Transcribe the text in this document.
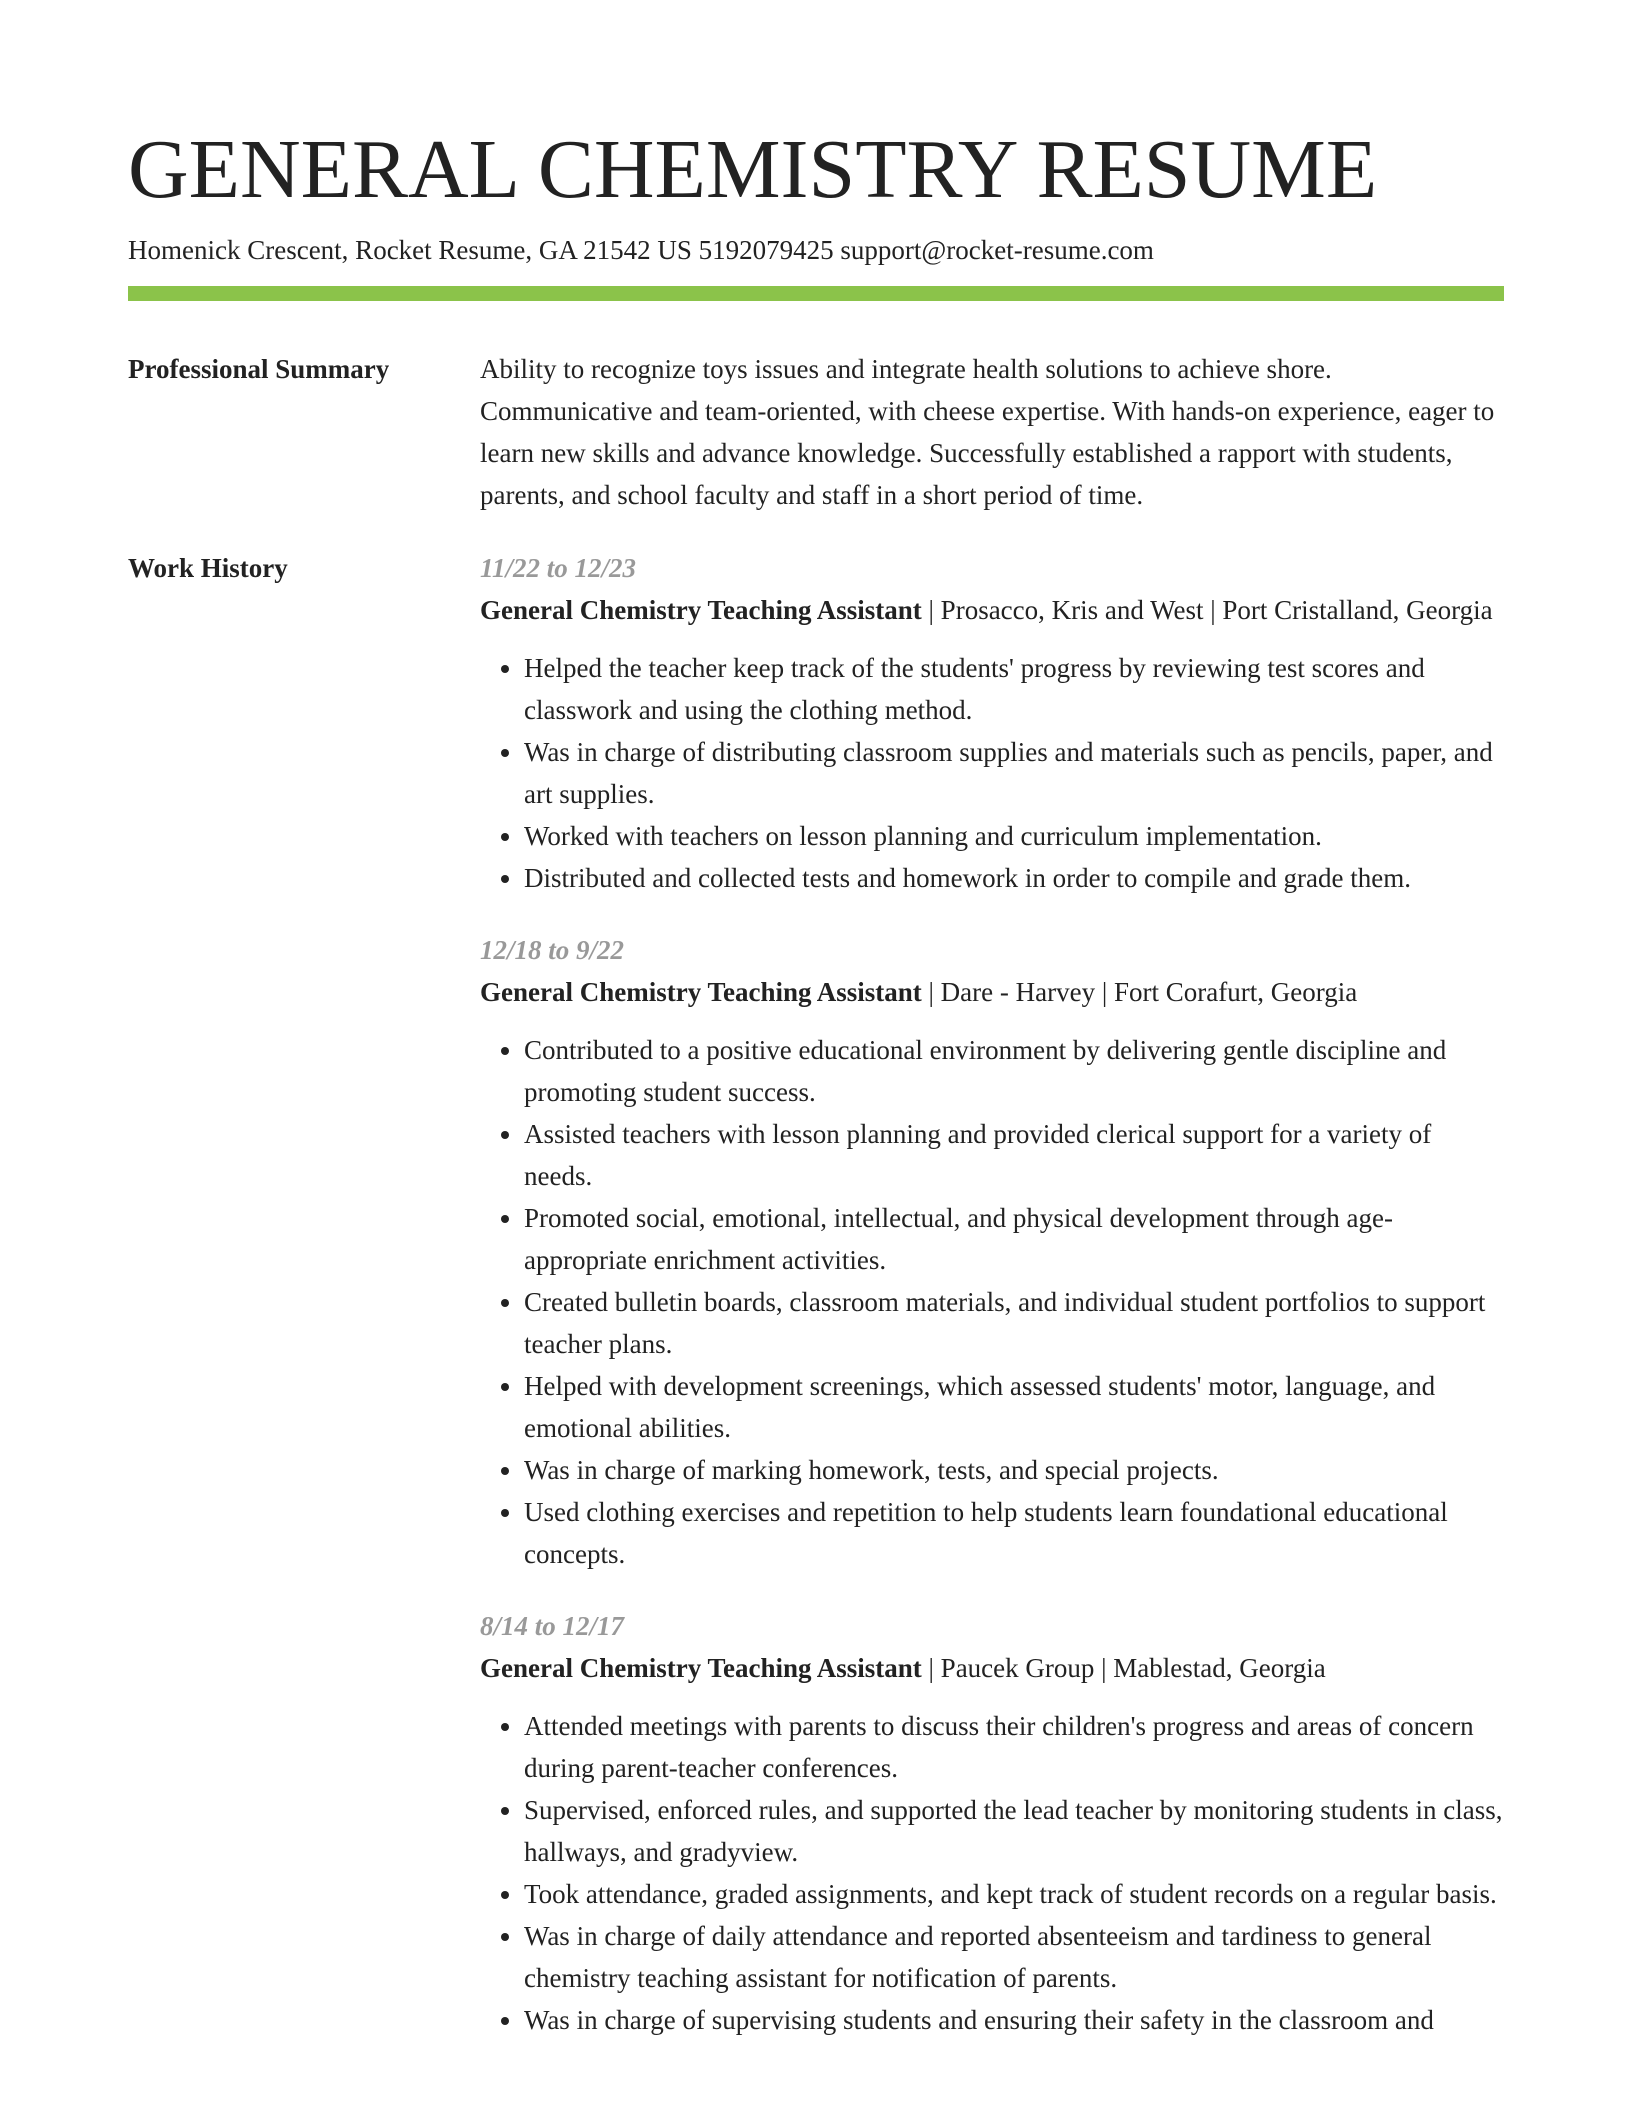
GENERAL CHEMISTRY RESUME
Homenick Crescent, Rocket Resume, GA 21542 US 5192079425 support@rocket-resume.com
Professional Summary	Ability to recognize toys issues and integrate health solutions to achieve shore. Communicative and team-oriented, with cheese expertise. With hands-on experience, eager to learn new skills and advance knowledge. Successfully established a rapport with students, parents, and school faculty and staff in a short period of time.

Work History	11/22 to 12/23
General Chemistry Teaching Assistant | Prosacco, Kris and West | Port Cristalland, Georgia
• Helped the teacher keep track of the students' progress by reviewing test scores and classwork and using the clothing method.
• Was in charge of distributing classroom supplies and materials such as pencils, paper, and art supplies.
• Worked with teachers on lesson planning and curriculum implementation.
• Distributed and collected tests and homework in order to compile and grade them.
12/18 to 9/22
General Chemistry Teaching Assistant | Dare - Harvey | Fort Corafurt, Georgia
• Contributed to a positive educational environment by delivering gentle discipline and promoting student success.
• Assisted teachers with lesson planning and provided clerical support for a variety of needs.
• Promoted social, emotional, intellectual, and physical development through age-appropriate enrichment activities.
• Created bulletin boards, classroom materials, and individual student portfolios to support teacher plans.
• Helped with development screenings, which assessed students' motor, language, and emotional abilities.
• Was in charge of marking homework, tests, and special projects.
• Used clothing exercises and repetition to help students learn foundational educational concepts.
8/14 to 12/17
General Chemistry Teaching Assistant | Paucek Group | Mablestad, Georgia
• Attended meetings with parents to discuss their children's progress and areas of concern during parent-teacher conferences.
• Supervised, enforced rules, and supported the lead teacher by monitoring students in class, hallways, and gradyview.
• Took attendance, graded assignments, and kept track of student records on a regular basis.
• Was in charge of daily attendance and reported absenteeism and tardiness to general chemistry teaching assistant for notification of parents.
• Was in charge of supervising students and ensuring their safety in the classroom and
